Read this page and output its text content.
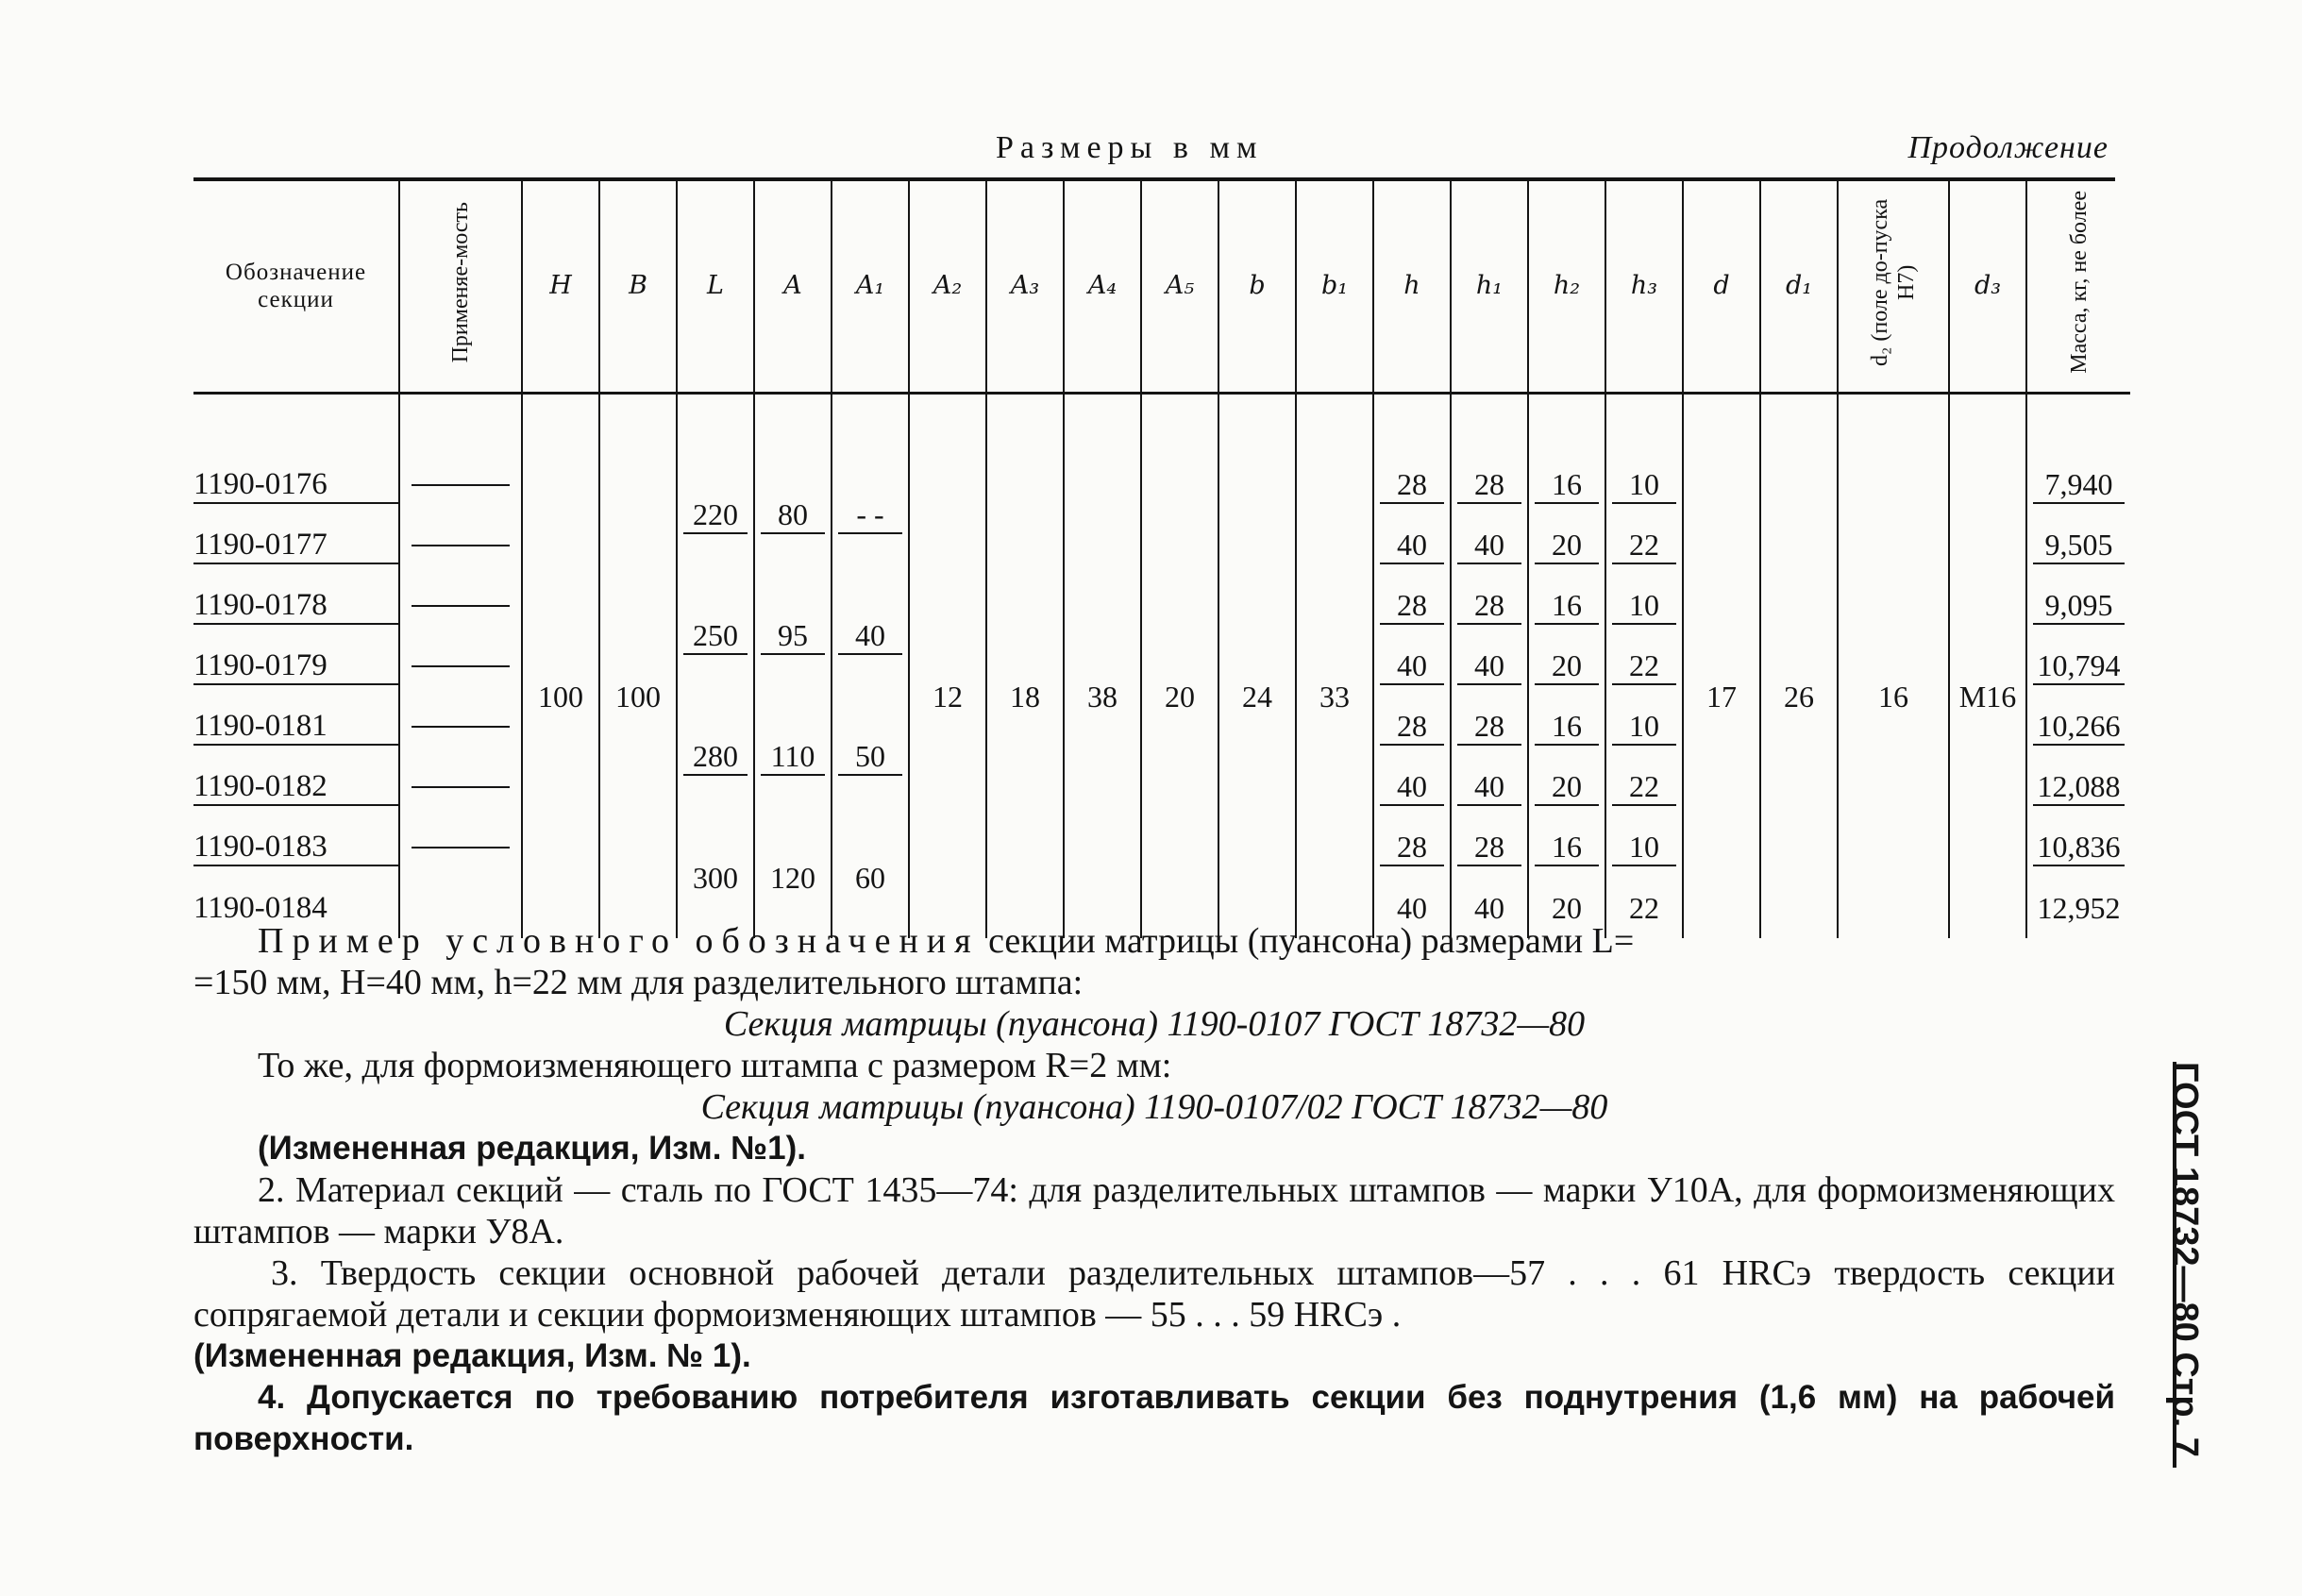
Размеры в мм	Продолжение
Обозначение
секции	Применяе-мость	H	B	L	A	A₁	A₂	A₃	A₄	A₅	b	b₁	h	h₁	h₂	h₃	d	d₁	d₂ (поле до-пуска H7)	d₃	Масса, кг, не более

1190-0176		100	100	220	80	- -	12	18	38	20	24	33	28	28	16	10	17	26	16	M16	7,940

1190-0177													40	40	20	22					9,505

1190-0178				250	95	40							28	28	16	10					9,095

1190-0179													40	40	20	22					10,794

1190-0181				280	110	50							28	28	16	10					10,266

1190-0182													40	40	20	22					12,088

1190-0183				300	120	60							28	28	16	10					10,836

1190-0184													40	40	20	22					12,952
Пример условного обозначения секции матрицы (пуансона) размерами L=
=150 мм, H=40 мм, h=22 мм для разделительного штампа:
Секция матрицы (пуансона) 1190-0107 ГОСТ 18732—80
То же, для формоизменяющего штампа с размером R=2 мм:
Секция матрицы (пуансона) 1190-0107/02 ГОСТ 18732—80
(Измененная редакция, Изм. №1).
2. Материал секций — сталь по ГОСТ 1435—74: для разделительных штампов — марки У10А, для формоизменяющих штампов — марки У8А.
3. Твердость секции основной рабочей детали разделительных штампов—57 . . . 61 HRCэ твердость секции сопрягаемой детали и секции формоизменяющих штампов — 55 . . . 59 HRCэ .
(Измененная редакция, Изм. № 1).
4. Допускается по требованию потребителя изготавливать секции без поднутрения (1,6 мм) на рабочей поверхности.	ГОСТ 18732—80 Стр. 7
